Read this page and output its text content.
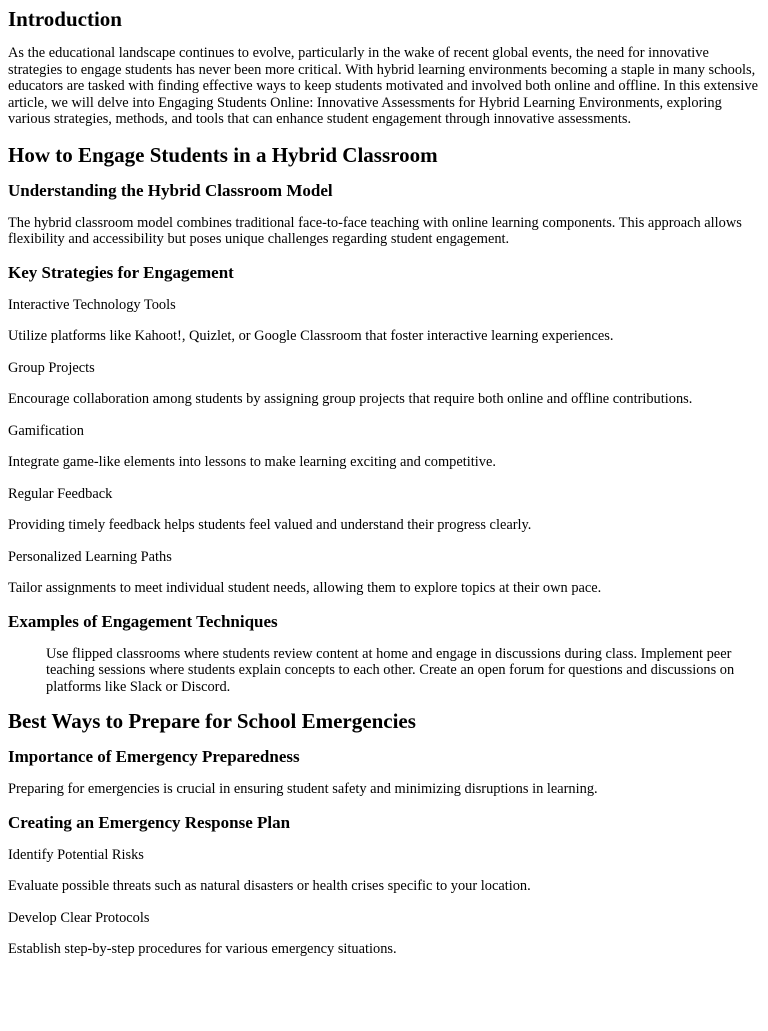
Introduction

As the educational landscape continues to evolve, particularly in the wake of recent global events, the need for innovative strategies to engage students has never been more critical. With hybrid learning environments becoming a staple in many schools, educators are tasked with finding effective ways to keep students motivated and involved both online and offline. In this extensive article, we will delve into Engaging Students Online: Innovative Assessments for Hybrid Learning Environments, exploring various strategies, methods, and tools that can enhance student engagement through innovative assessments.

How to Engage Students in a Hybrid Classroom
Understanding the Hybrid Classroom Model

The hybrid classroom model combines traditional face-to-face teaching with online learning components. This approach allows flexibility and accessibility but poses unique challenges regarding student engagement.

Key Strategies for Engagement

Interactive Technology Tools

Utilize platforms like Kahoot!, Quizlet, or Google Classroom that foster interactive learning experiences.

Group Projects

Encourage collaboration among students by assigning group projects that require both online and offline contributions.

Gamification

Integrate game-like elements into lessons to make learning exciting and competitive.

Regular Feedback

Providing timely feedback helps students feel valued and understand their progress clearly.

Personalized Learning Paths

Tailor assignments to meet individual student needs, allowing them to explore topics at their own pace.

Examples of Engagement Techniques
Use flipped classrooms where students review content at home and engage in discussions during class. Implement peer teaching sessions where students explain concepts to each other. Create an open forum for questions and discussions on platforms like Slack or Discord.
Best Ways to Prepare for School Emergencies
Importance of Emergency Preparedness

Preparing for emergencies is crucial in ensuring student safety and minimizing disruptions in learning.

Creating an Emergency Response Plan

Identify Potential Risks

Evaluate possible threats such as natural disasters or health crises specific to your location.

Develop Clear Protocols

Establish step-by-step procedures for various emergency situations.
